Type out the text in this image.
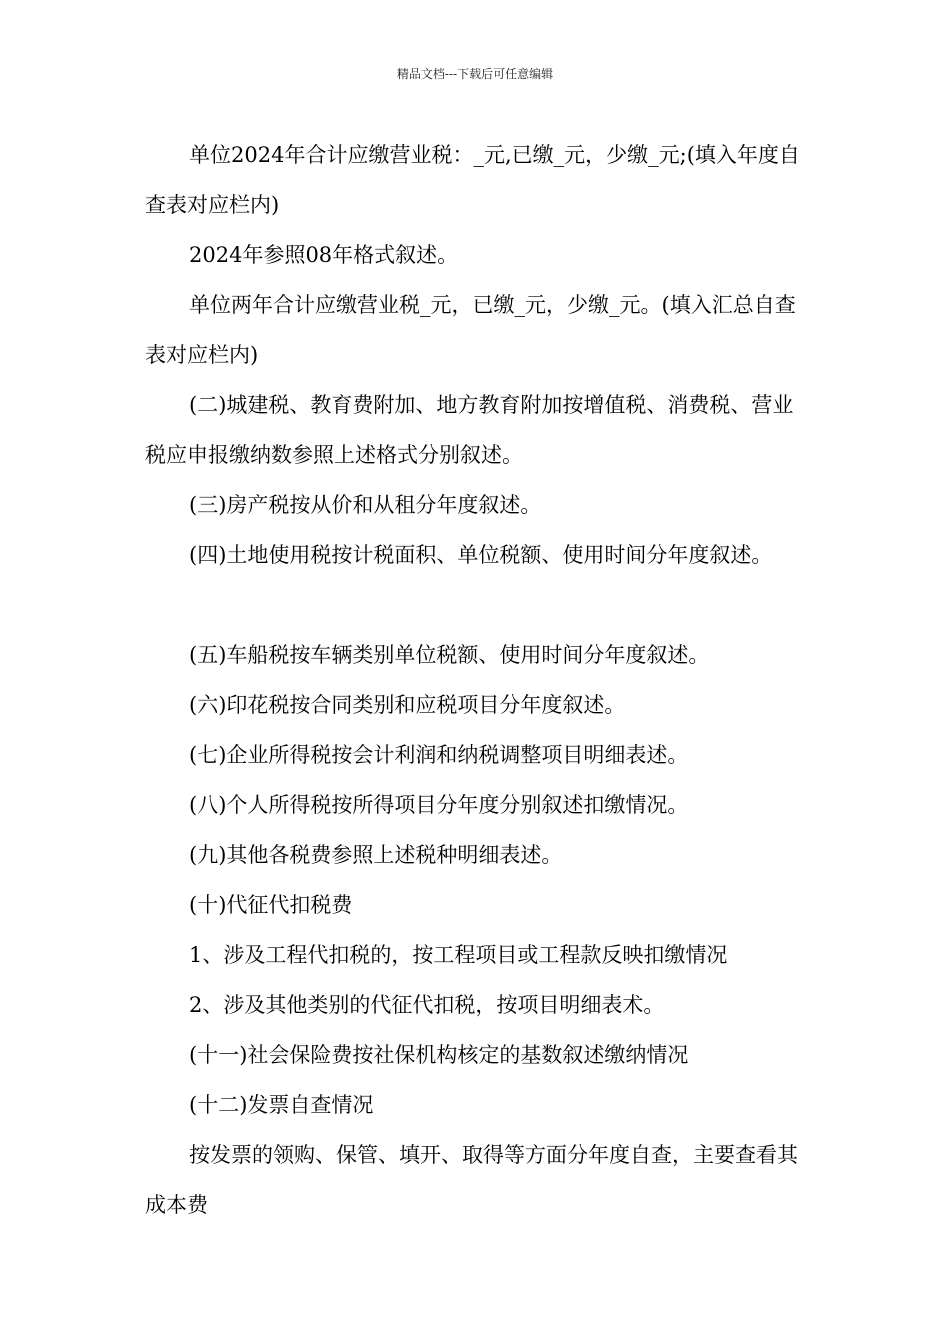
精品文档---下载后可任意编辑

单位2024年合计应缴营业税：_元,已缴_元，少缴_元;(填入年度自查表对应栏内)

2024年参照08年格式叙述。

单位两年合计应缴营业税_元，已缴_元，少缴_元。(填入汇总自查表对应栏内)

(二)城建税、教育费附加、地方教育附加按增值税、消费税、营业税应申报缴纳数参照上述格式分别叙述。

(三)房产税按从价和从租分年度叙述。

(四)土地使用税按计税面积、单位税额、使用时间分年度叙述。

(五)车船税按车辆类别单位税额、使用时间分年度叙述。

(六)印花税按合同类别和应税项目分年度叙述。

(七)企业所得税按会计利润和纳税调整项目明细表述。

(八)个人所得税按所得项目分年度分别叙述扣缴情况。

(九)其他各税费参照上述税种明细表述。

(十)代征代扣税费

1、涉及工程代扣税的，按工程项目或工程款反映扣缴情况

2、涉及其他类别的代征代扣税，按项目明细表术。

(十一)社会保险费按社保机构核定的基数叙述缴纳情况

(十二)发票自查情况

按发票的领购、保管、填开、取得等方面分年度自查，主要查看其成本费
